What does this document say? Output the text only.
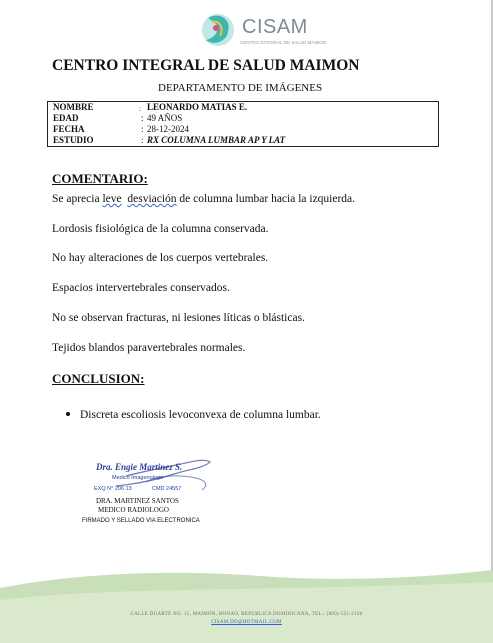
CISAM
CENTRO INTEGRAL DE SALUD MAIMON
CENTRO INTEGRAL DE SALUD MAIMON
DEPARTAMENTO DE IMÁGENES
NOMBRE	: LEONARDO MATIAS E.
EDAD	: 49 AÑOS
FECHA	: 28-12-2024
ESTUDIO	: RX COLUMNA LUMBAR AP Y LAT
COMENTARIO:
Se aprecia leve desviación de columna lumbar hacia la izquierda.
Lordosis fisiológica de la columna conservada.
No hay alteraciones de los cuerpos vertebrales.
Espacios intervertebrales conservados.
No se observan fracturas, ni lesiones líticas o blásticas.
Tejidos blandos paravertebrales normales.
CONCLUSION:
Discreta escoliosis levoconvexa de columna lumbar.
Dra. Engie Martinez S.
Medico Imagenologo
EXQ N° 206 13	CMD 24557
DRA. MARTINEZ SANTOS
MEDICO RADIOLOGO
FIRMADO Y SELLADO VIA ELECTRONICA
CALLE DUARTE NO. 15, MAIMÓN, BONAO, REPUBLICA DOMINICANA, TEL.: (809)-551-2196
CISAM.DO@HOTMAIL.COM
